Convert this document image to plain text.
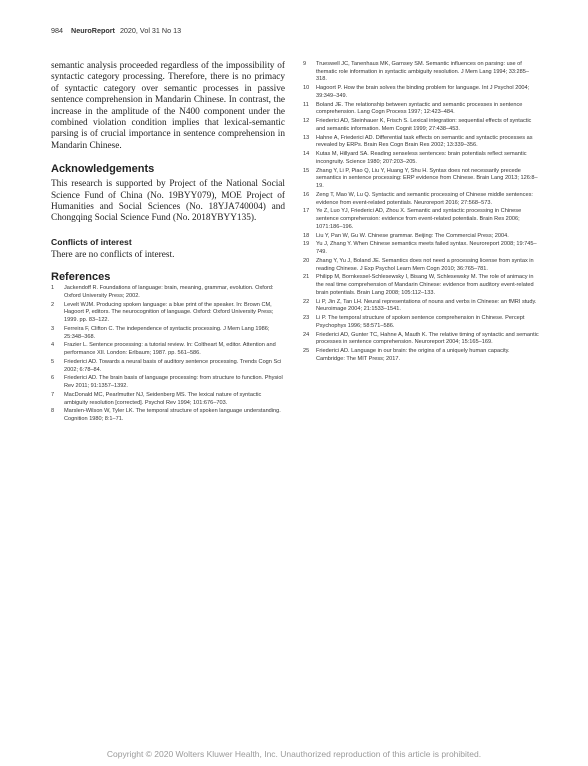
984 NeuroReport 2020, Vol 31 No 13

semantic analysis proceeded regardless of the impossibility of syntactic category processing. Therefore, there is no primacy of syntactic category over semantic processes in passive sentence comprehension in Mandarin Chinese. In contrast, the increase in the amplitude of the N400 component under the combined violation condition implies that lexical-semantic parsing is of crucial importance in sentence comprehension in Mandarin Chinese.

Acknowledgements

This research is supported by Project of the National Social Science Fund of China (No. 19BYY079), MOE Project of Humanities and Social Sciences (No. 18YJA740004) and Chongqing Social Science Fund (No. 2018YBYY135).

Conflicts of interest

There are no conflicts of interest.

References
1	Jackendoff R. Foundations of language: brain, meaning, grammar, evolution. Oxford: Oxford University Press; 2002.
2	Levelt WJM. Producing spoken language: a blue print of the speaker. In: Brown CM, Hagoort P, editors. The neurocognition of language. Oxford: Oxford University Press; 1999. pp. 83–122.
3	Ferreira F, Clifton C. The independence of syntactic processing. J Mem Lang 1986; 25:348–368.
4	Frazier L. Sentence processing: a tutorial review. In: Coltheart M, editor. Attention and performance XII. London: Erlbaum; 1987. pp. 561–586.
5	Friederici AD. Towards a neural basis of auditory sentence processing. Trends Cogn Sci 2002; 6:78–84.
6	Friederici AD. The brain basis of language processing: from structure to function. Physiol Rev 2011; 91:1357–1392.
7	MacDonald MC, Pearlmutter NJ, Seidenberg MS. The lexical nature of syntactic ambiguity resolution [corrected]. Psychol Rev 1994; 101:676–703.
8	Marslen-Wilson W, Tyler LK. The temporal structure of spoken language understanding. Cognition 1980; 8:1–71.
9	Trueswell JC, Tanenhaus MK, Garnsey SM. Semantic influences on parsing: use of thematic role information in syntactic ambiguity resolution. J Mem Lang 1994; 33:285–318.
10	Hagoort P. How the brain solves the binding problem for language. Int J Psychol 2004; 39:349–349.
11	Boland JE. The relationship between syntactic and semantic processes in sentence comprehension. Lang Cogn Process 1997; 12:423–484.
12	Friederici AD, Steinhauer K, Frisch S. Lexical integration: sequential effects of syntactic and semantic information. Mem Cognit 1999; 27:438–453.
13	Hahne A, Friederici AD. Differential task effects on semantic and syntactic processes as revealed by ERPs. Brain Res Cogn Brain Res 2002; 13:339–356.
14	Kutas M, Hillyard SA. Reading senseless sentences: brain potentials reflect semantic incongruity. Science 1980; 207:203–205.
15	Zhang Y, Li P, Piao Q, Liu Y, Huang Y, Shu H. Syntax does not necessarily precede semantics in sentence processing: ERP evidence from Chinese. Brain Lang 2013; 126:8–19.
16	Zeng T, Mao W, Lu Q. Syntactic and semantic processing of Chinese middle sentences: evidence from event-related potentials. Neuroreport 2016; 27:568–573.
17	Ye Z, Luo YJ, Friederici AD, Zhou X. Semantic and syntactic processing in Chinese sentence comprehension: evidence from event-related potentials. Brain Res 2006; 1071:186–196.
18	Liu Y, Pan W, Gu W. Chinese grammar. Beijing: The Commercial Press; 2004.
19	Yu J, Zhang Y. When Chinese semantics meets failed syntax. Neuroreport 2008; 19:745–749.
20	Zhang Y, Yu J, Boland JE. Semantics does not need a processing license from syntax in reading Chinese. J Exp Psychol Learn Mem Cogn 2010; 36:765–781.
21	Philipp M, Bornkessel-Schlesewsky I, Bisang W, Schlesewsky M. The role of animacy in the real time comprehension of Mandarin Chinese: evidence from auditory event-related brain potentials. Brain Lang 2008; 105:112–133.
22	Li P, Jin Z, Tan LH. Neural representations of nouns and verbs in Chinese: an fMRI study. Neuroimage 2004; 21:1533–1541.
23	Li P. The temporal structure of spoken sentence comprehension in Chinese. Percept Psychophys 1996; 58:571–586.
24	Friederici AD, Gunter TC, Hahne A, Mauth K. The relative timing of syntactic and semantic processes in sentence comprehension. Neuroreport 2004; 15:165–169.
25	Friederici AD. Language in our brain: the origins of a uniquely human capacity. Cambridge: The MIT Press; 2017.
Copyright © 2020 Wolters Kluwer Health, Inc. Unauthorized reproduction of this article is prohibited.
